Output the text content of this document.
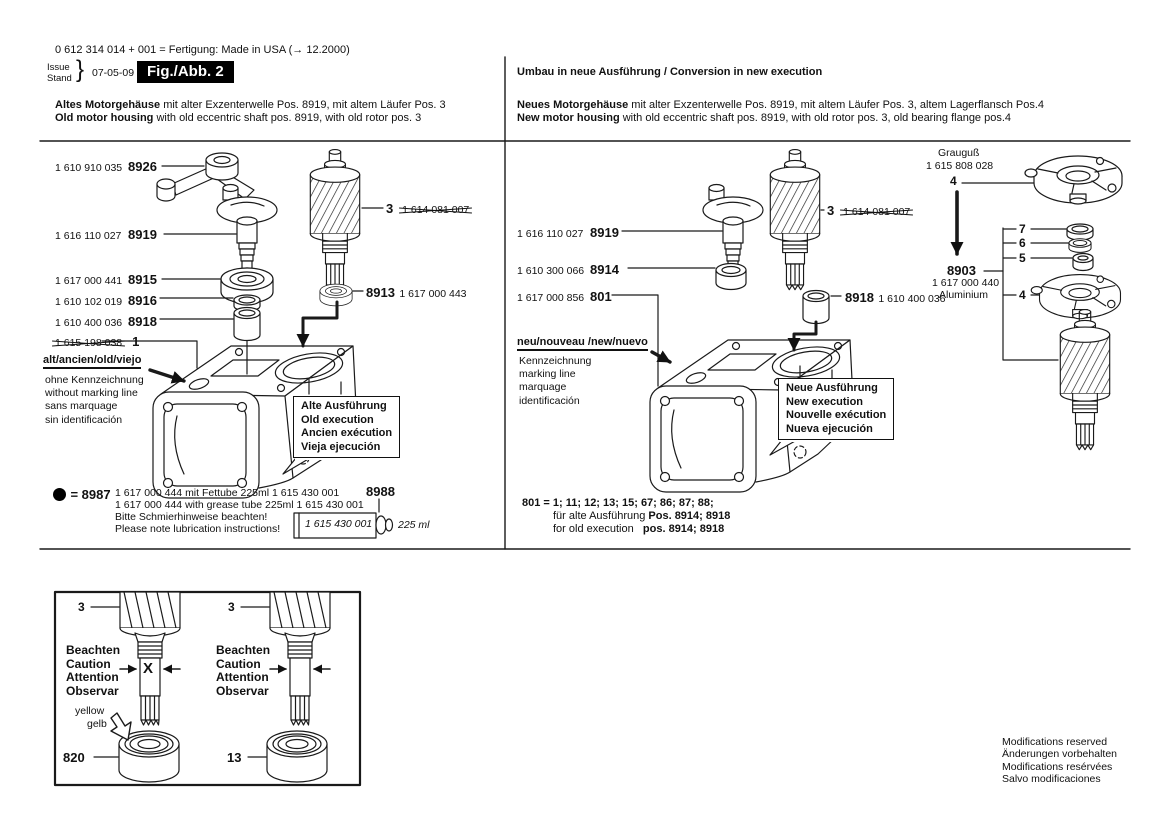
0 612 314 014 + 001 = Fertigung: Made in USA (→ 12.2000)
Issue
Stand } 07-05-09 Fig./Abb. 2
Altes Motorgehäuse mit alter Exzenterwelle Pos. 8919, mit altem Läufer Pos. 3
Old motor housing with old eccentric shaft pos. 8919, with old rotor pos. 3
Umbau in neue Ausführung / Conversion in new execution
Neues Motorgehäuse mit alter Exzenterwelle Pos. 8919, mit altem Läufer Pos. 3, altem Lagerflansch Pos.4
New motor housing with old eccentric shaft pos. 8919, with old rotor pos. 3, old bearing flange pos.4
1 610 910 035 8926
1 616 110 027 8919
1 617 000 441 8915
1 610 102 019 8916
1 610 400 036 8918
1 615 198 038 1
3 1 614 081 007
8913 1 617 000 443
alt/ancien/old/viejo
ohne Kennzeichnung
without marking line
sans marquage
sin identificación
Alte Ausführung
Old execution
Ancien exécution
Vieja ejecución
= 8987 1 617 000 444 mit Fettube 225ml 1 615 430 001
1 617 000 444 with grease tube 225ml 1 615 430 001
Bitte Schmierhinweise beachten!
Please note lubrication instructions!
8988
1 615 430 001 225 ml
1 616 110 027 8919
1 610 300 066 8914
1 617 000 856 801
3 1 614 081 007
8918 1 610 400 036
neu/nouveau /new/nuevo
Kennzeichnung
marking line
marquage
identificación
Neue Ausführung
New execution
Nouvelle exécution
Nueva ejecución
Grauguß
1 615 808 028
4
8903
1 617 000 440
Aluminium
7
6
5
4
801 = 1; 11; 12; 13; 15; 67; 86; 87; 88;
für alte Ausführung Pos. 8914; 8918
for old execution   pos. 8914; 8918
3	3
Beachten
Caution
Attention
Observar
Beachten
Caution
Attention
Observar
X
yellow
gelb
820	13
Modifications reserved
Änderungen vorbehalten
Modifications resérvées
Salvo modificaciones
